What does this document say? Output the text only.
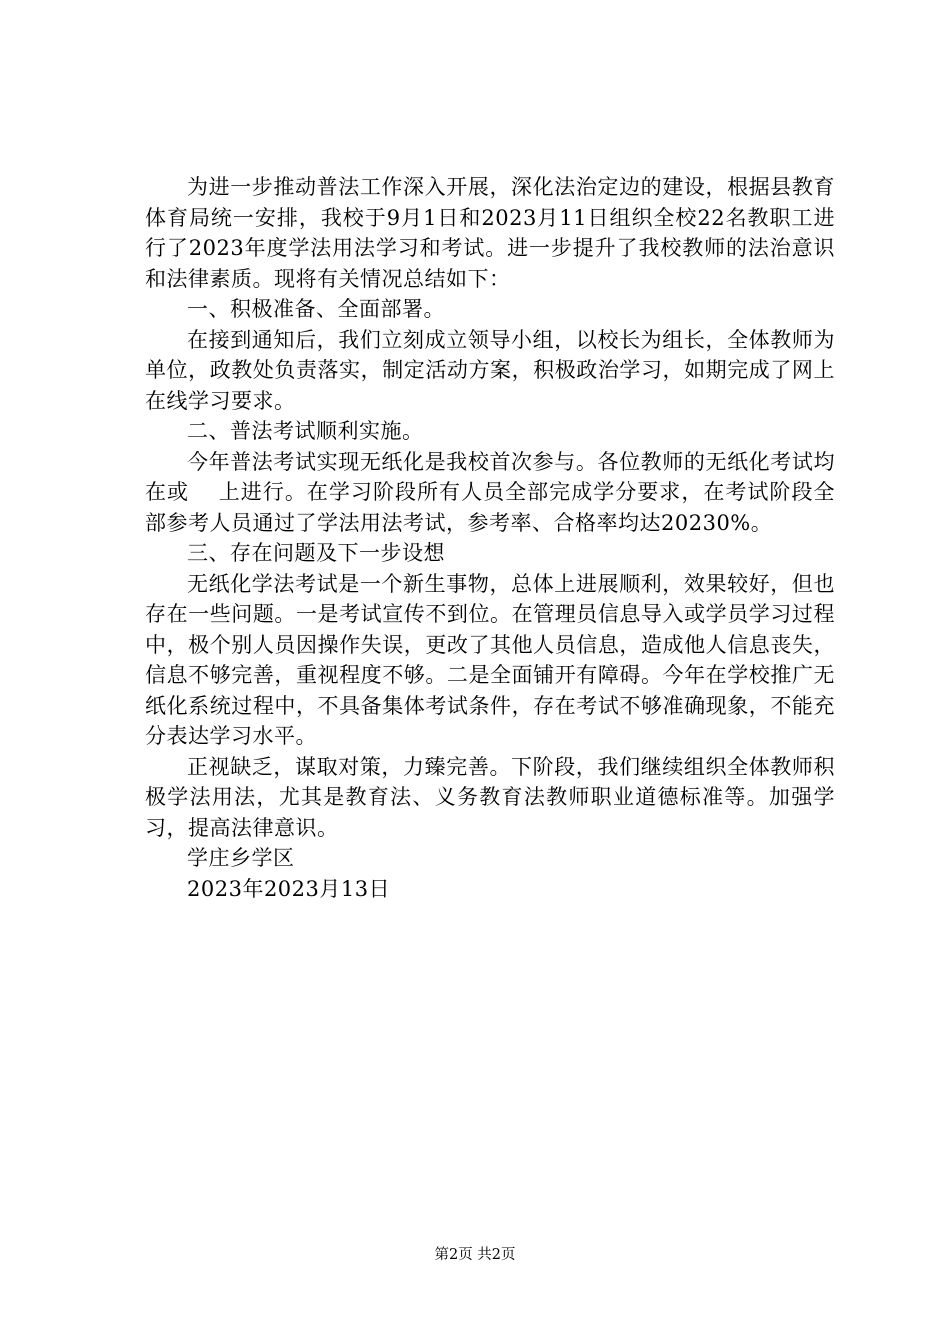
为进一步推动普法工作深入开展，深化法治定边的建设，根据县教育体育局统一安排，我校于9月1日和2023月11日组织全校22名教职工进行了2023年度学法用法学习和考试。进一步提升了我校教师的法治意识和法律素质。现将有关情况总结如下：

一、积极准备、全面部署。

在接到通知后，我们立刻成立领导小组，以校长为组长，全体教师为单位，政教处负责落实，制定活动方案，积极政治学习，如期完成了网上在线学习要求。

二、普法考试顺利实施。

今年普法考试实现无纸化是我校首次参与。各位教师的无纸化考试均在或　 上进行。在学习阶段所有人员全部完成学分要求，在考试阶段全部参考人员通过了学法用法考试，参考率、合格率均达20230%。

三、存在问题及下一步设想

无纸化学法考试是一个新生事物，总体上进展顺利，效果较好，但也存在一些问题。一是考试宣传不到位。在管理员信息导入或学员学习过程中，极个别人员因操作失误，更改了其他人员信息，造成他人信息丧失，信息不够完善，重视程度不够。二是全面铺开有障碍。今年在学校推广无纸化系统过程中，不具备集体考试条件，存在考试不够准确现象，不能充分表达学习水平。

正视缺乏，谋取对策，力臻完善。下阶段，我们继续组织全体教师积极学法用法，尤其是教育法、义务教育法教师职业道德标准等。加强学习，提高法律意识。

学庄乡学区

2023年2023月13日

第2页 共2页
